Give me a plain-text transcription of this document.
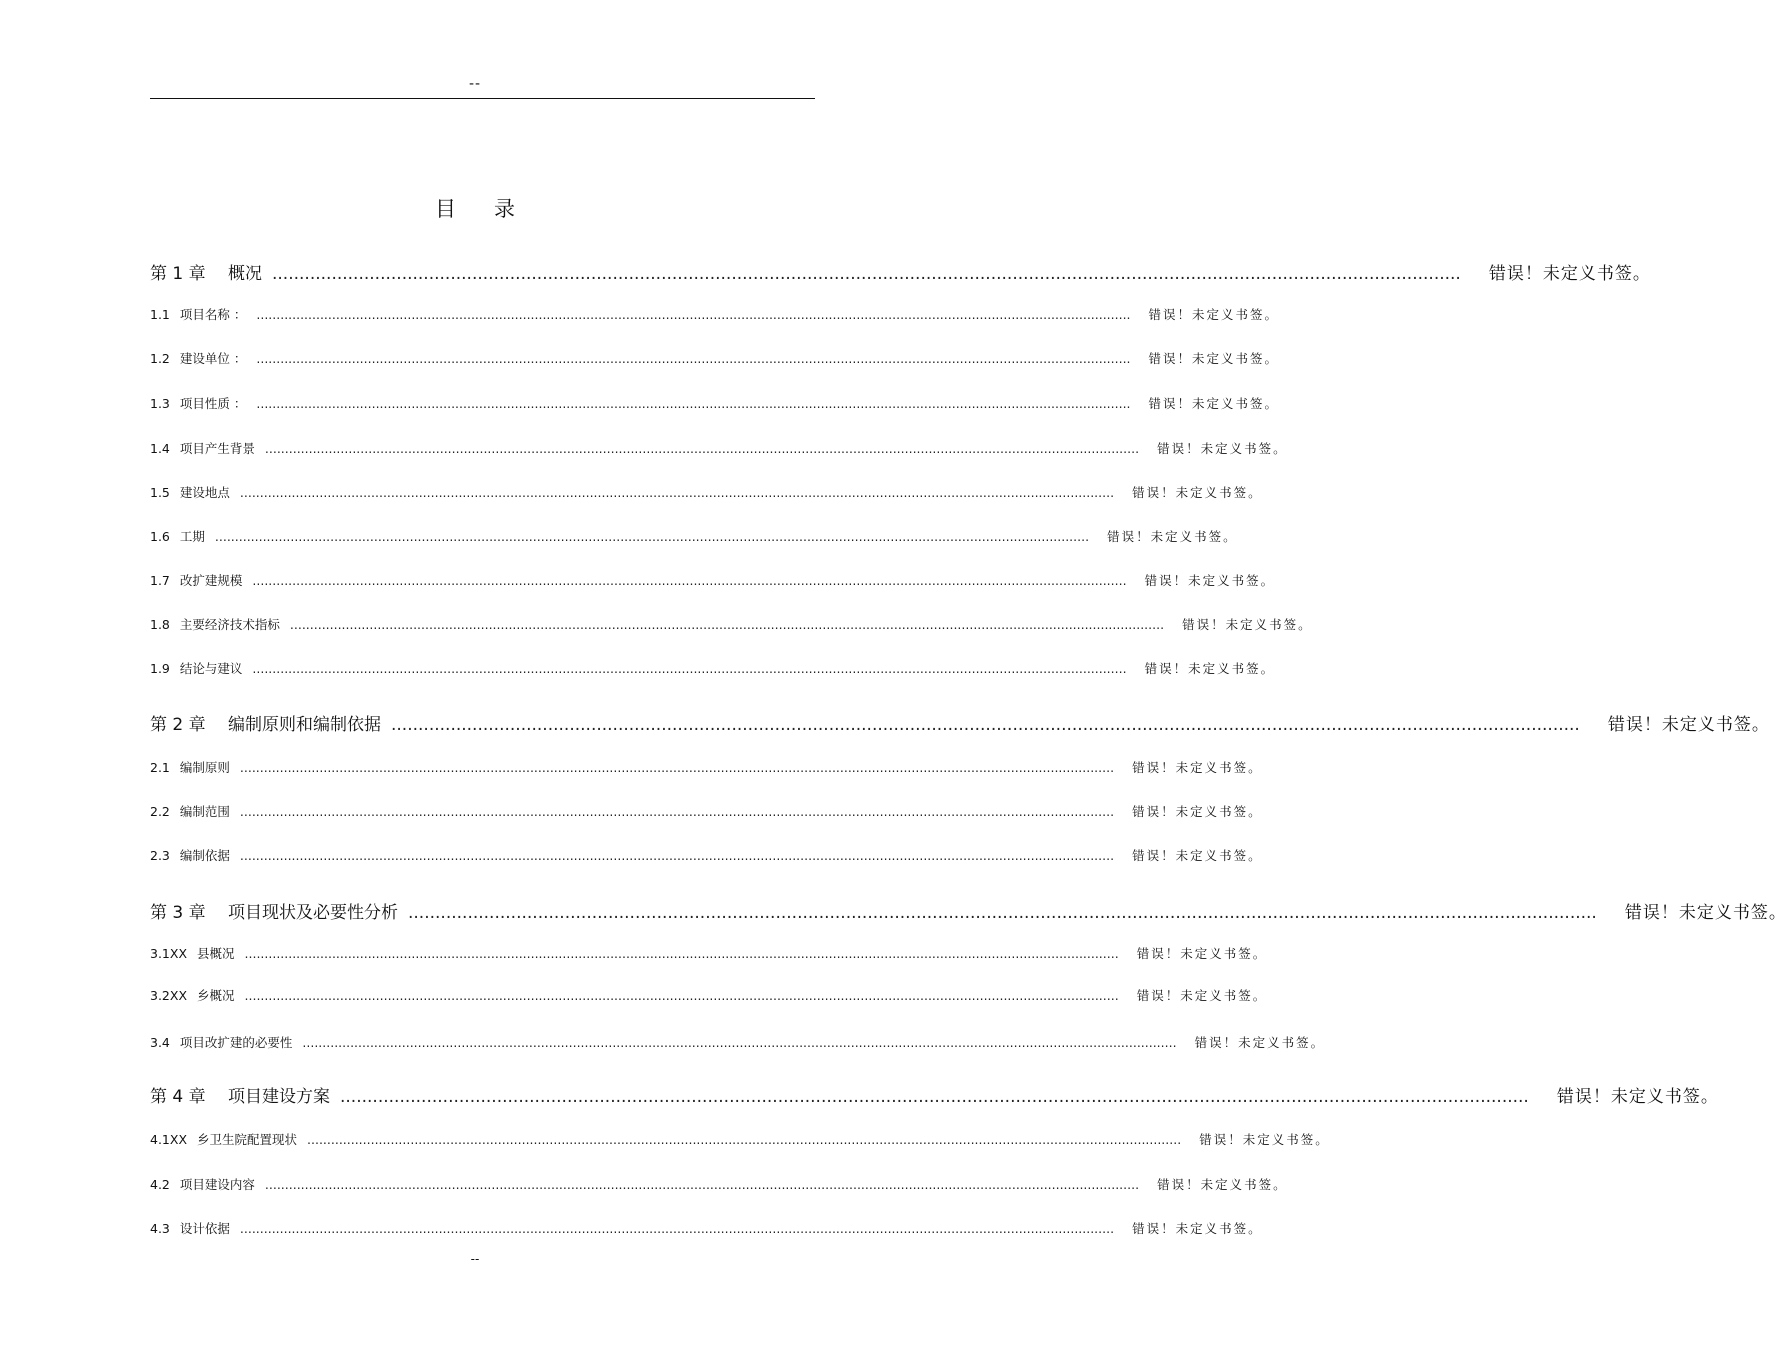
--
目录
第 1 章	概况 ............................................................................................................................................................................................................................ 错误！未定义书签。
1.1 项目名称 ： ............................................................................................................................................................................................................................ 错误！未定义书签。
1.2 建设单位 ： ............................................................................................................................................................................................................................ 错误！未定义书签。
1.3 项目性质 ： ............................................................................................................................................................................................................................ 错误！未定义书签。
1.4 项目产生背景 ............................................................................................................................................................................................................................ 错误！未定义书签。
1.5 建设地点 ............................................................................................................................................................................................................................ 错误！未定义书签。
1.6 工期 ............................................................................................................................................................................................................................ 错误！未定义书签。
1.7 改扩建规模 ............................................................................................................................................................................................................................ 错误！未定义书签。
1.8 主要经济技术指标 ............................................................................................................................................................................................................................ 错误！未定义书签。
1.9 结论与建议 ............................................................................................................................................................................................................................ 错误！未定义书签。
第 2 章	编制原则和编制依据 ............................................................................................................................................................................................................................ 错误！未定义书签。
2.1 编制原则 ............................................................................................................................................................................................................................ 错误！未定义书签。
2.2 编制范围 ............................................................................................................................................................................................................................ 错误！未定义书签。
2.3 编制依据 ............................................................................................................................................................................................................................ 错误！未定义书签。
第 3 章	项目现状及必要性分析 ............................................................................................................................................................................................................................ 错误！未定义书签。
3.1XX 县概况 ............................................................................................................................................................................................................................ 错误！未定义书签。
3.2XX 乡概况 ............................................................................................................................................................................................................................ 错误！未定义书签。
3.4 项目改扩建的必要性 ............................................................................................................................................................................................................................ 错误！未定义书签。
第 4 章	项目建设方案 ............................................................................................................................................................................................................................ 错误！未定义书签。
4.1XX 乡卫生院配置现状 ............................................................................................................................................................................................................................ 错误！未定义书签。
4.2 项目建设内容 ............................................................................................................................................................................................................................ 错误！未定义书签。
4.3 设计依据 ............................................................................................................................................................................................................................ 错误！未定义书签。
--
